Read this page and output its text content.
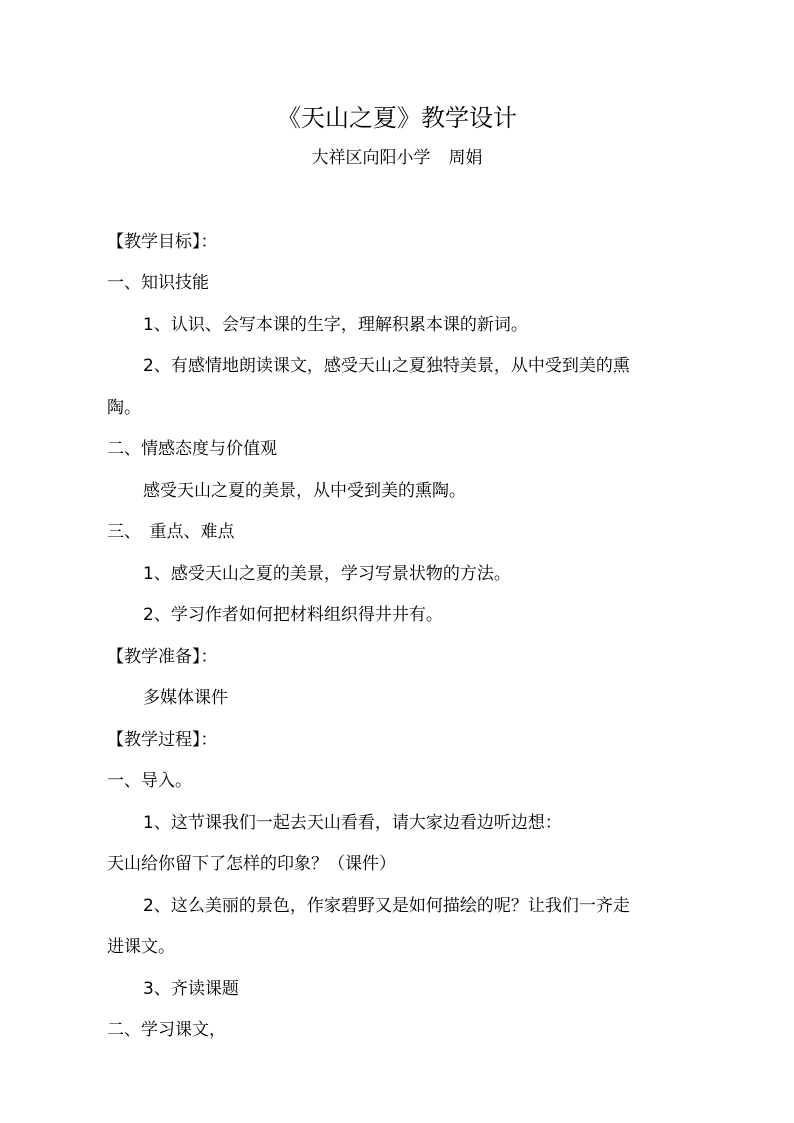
《天山之夏》教学设计
大祥区向阳小学 周娟
【教学目标】：
一、知识技能
1、认识、会写本课的生字，理解积累本课的新词。
2、有感情地朗读课文，感受天山之夏独特美景，从中受到美的熏
陶。
二、情感态度与价值观
感受天山之夏的美景，从中受到美的熏陶。
三、　重点、难点
1、感受天山之夏的美景，学习写景状物的方法。
2、学习作者如何把材料组织得井井有。
【教学准备】：
多媒体课件
【教学过程】：
一、导入。
1、这节课我们一起去天山看看，请大家边看边听边想：
天山给你留下了怎样的印象？（课件）
2、这么美丽的景色，作家碧野又是如何描绘的呢？让我们一齐走
进课文。
3、齐读课题
二、学习课文，
